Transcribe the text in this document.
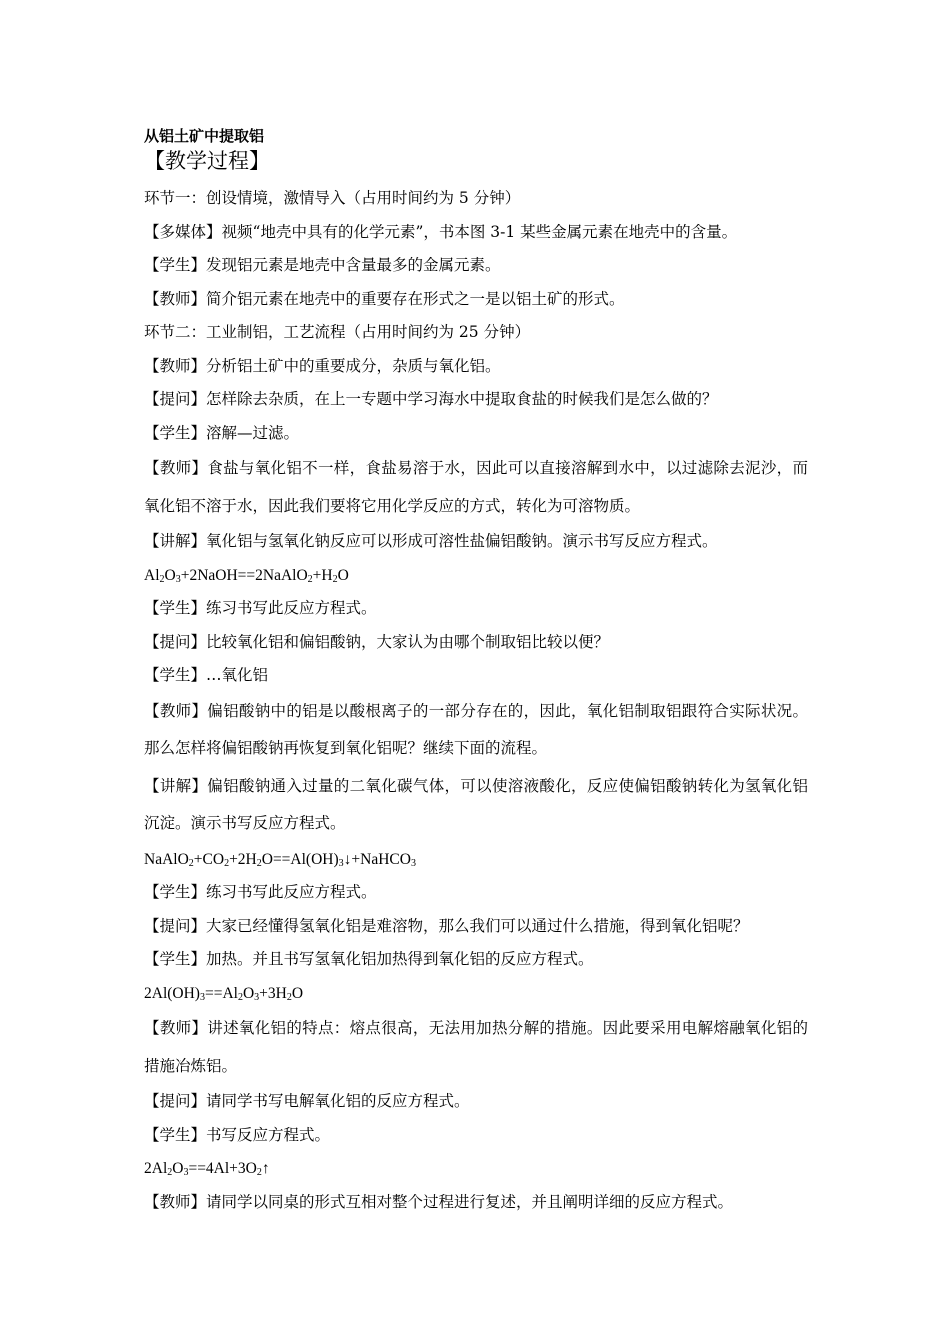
从铝土矿中提取铝

【教学过程】

环节一：创设情境，激情导入（占用时间约为 5 分钟）

【多媒体】视频“地壳中具有的化学元素”，书本图 3-1 某些金属元素在地壳中的含量。

【学生】发现铝元素是地壳中含量最多的金属元素。

【教师】简介铝元素在地壳中的重要存在形式之一是以铝土矿的形式。

环节二：工业制铝，工艺流程（占用时间约为 25 分钟）

【教师】分析铝土矿中的重要成分，杂质与氧化铝。

【提问】怎样除去杂质，在上一专题中学习海水中提取食盐的时候我们是怎么做的？

【学生】溶解—过滤。

【教师】食盐与氧化铝不一样，食盐易溶于水，因此可以直接溶解到水中，以过滤除去泥沙，而氧化铝不溶于水，因此我们要将它用化学反应的方式，转化为可溶物质。

【讲解】氧化铝与氢氧化钠反应可以形成可溶性盐偏铝酸钠。演示书写反应方程式。

$Al_2O_3+2NaOH==2NaAlO_2+H_2O$

【学生】练习书写此反应方程式。

【提问】比较氧化铝和偏铝酸钠，大家认为由哪个制取铝比较以便？

【学生】…氧化铝

【教师】偏铝酸钠中的铝是以酸根离子的一部分存在的，因此，氧化铝制取铝跟符合实际状况。那么怎样将偏铝酸钠再恢复到氧化铝呢？继续下面的流程。

【讲解】偏铝酸钠通入过量的二氧化碳气体，可以使溶液酸化，反应使偏铝酸钠转化为氢氧化铝沉淀。演示书写反应方程式。

$NaAlO_2+CO_2+2H_2O==Al(OH)_3↓+NaHCO_3$

【学生】练习书写此反应方程式。

【提问】大家已经懂得氢氧化铝是难溶物，那么我们可以通过什么措施，得到氧化铝呢？

【学生】加热。并且书写氢氧化铝加热得到氧化铝的反应方程式。

$2Al(OH)_3==Al_2O_3+3H_2O$

【教师】讲述氧化铝的特点：熔点很高，无法用加热分解的措施。因此要采用电解熔融氧化铝的措施冶炼铝。

【提问】请同学书写电解氧化铝的反应方程式。

【学生】书写反应方程式。

$2Al_2O_3==4Al+3O_2↑$

【教师】请同学以同桌的形式互相对整个过程进行复述，并且阐明详细的反应方程式。
